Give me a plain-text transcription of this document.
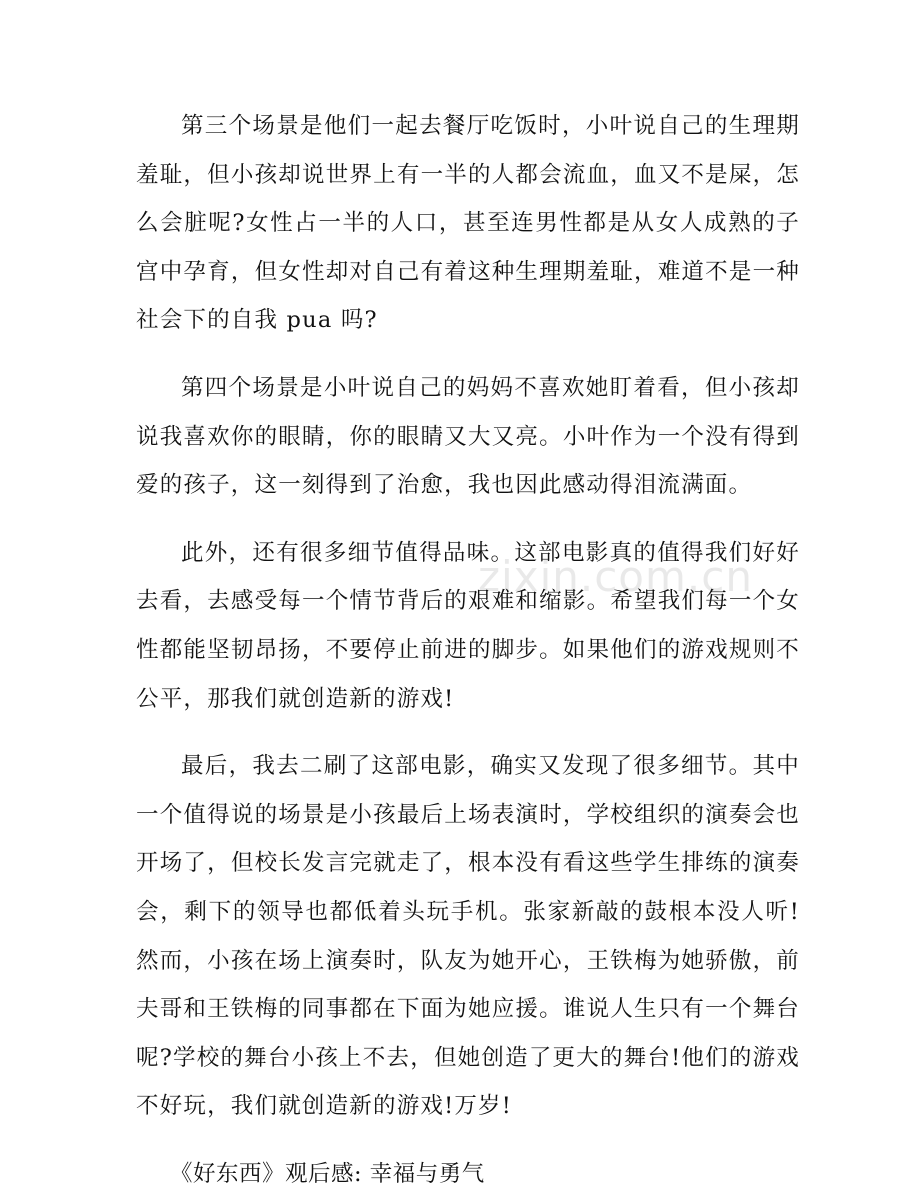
zixin.com.cn

第三个场景是他们一起去餐厅吃饭时，小叶说自己的生理期羞耻，但小孩却说世界上有一半的人都会流血，血又不是屎，怎么会脏呢?女性占一半的人口，甚至连男性都是从女人成熟的子宫中孕育，但女性却对自己有着这种生理期羞耻，难道不是一种社会下的自我 pua 吗?

第四个场景是小叶说自己的妈妈不喜欢她盯着看，但小孩却说我喜欢你的眼睛，你的眼睛又大又亮。小叶作为一个没有得到爱的孩子，这一刻得到了治愈，我也因此感动得泪流满面。

此外，还有很多细节值得品味。这部电影真的值得我们好好去看，去感受每一个情节背后的艰难和缩影。希望我们每一个女性都能坚韧昂扬，不要停止前进的脚步。如果他们的游戏规则不公平，那我们就创造新的游戏!

最后，我去二刷了这部电影，确实又发现了很多细节。其中一个值得说的场景是小孩最后上场表演时，学校组织的演奏会也开场了，但校长发言完就走了，根本没有看这些学生排练的演奏会，剩下的领导也都低着头玩手机。张家新敲的鼓根本没人听!然而，小孩在场上演奏时，队友为她开心，王铁梅为她骄傲，前夫哥和王铁梅的同事都在下面为她应援。谁说人生只有一个舞台呢?学校的舞台小孩上不去，但她创造了更大的舞台!他们的游戏不好玩，我们就创造新的游戏!万岁!

《好东西》观后感: 幸福与勇气
